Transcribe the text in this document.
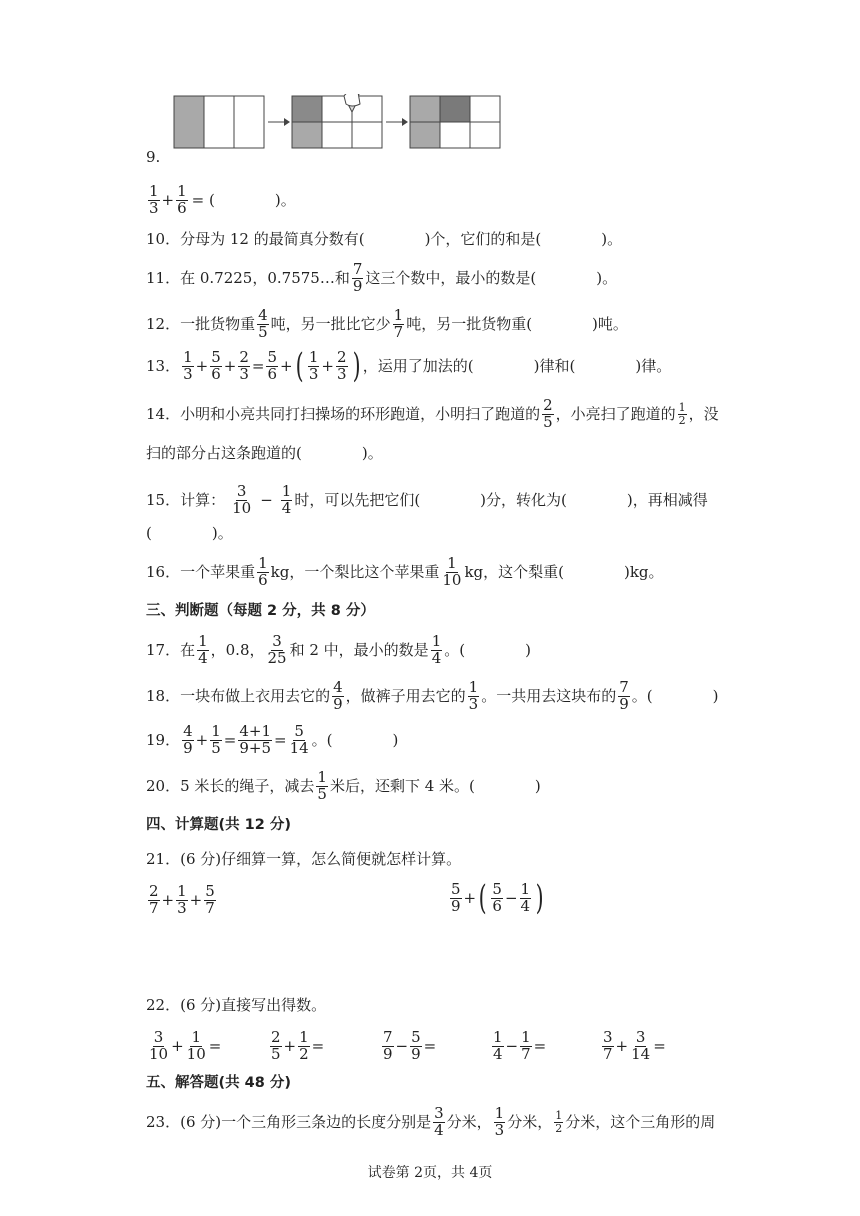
9.
1
$3 + \frac{1}{6}$ = (　　　　)。
10．分母为 12 的最简真分数有(　　　　)个，它们的和是(　　　　)。
11．在 0.7225，0.7575…和 7
9 这三个数中，最小的数是(　　　　)。
12．一批货物重 4
5 吨，另一批比它少 1
7 吨，另一批货物重(　　　　)吨。
13． 1
3 + 5
6 + 2
3 = 5
6 + ( 1
3 + 2
3 ) ，运用了加法的(　　　　)律和(　　　　)律。
14．小明和小亮共同打扫操场的环形跑道，小明扫了跑道的 2
5 ，小亮扫了跑道的 1
2 ，没
扫的部分占这条跑道的(　　　　)。
15．计算： 3
$10 - \frac{1}{4}$ 时，可以先把它们(　　　　)分，转化为(　　　　)，再相减得
(　　　　)。
16．一个苹果重 1
6 kg，一个梨比这个苹果重 1
10 kg，这个梨重(　　　　)kg。
三、判断题（每题 2 分，共 8 分）
17．在 1
4 ，0.8， 3
25 和 2 中，最小的数是 1
4 。(　　　　)
18．一块布做上衣用去它的 4
9 ，做裤子用去它的 1
3 。一共用去这块布的 7
9 。(　　　　)
19． 4
9 + 1
5 = 4+1
9+5 = 5
14 。(　　　　)
20．5 米长的绳子，减去 1
5 米后，还剩下 4 米。(　　　　)
四、计算题(共 12 分)
21．(6 分)仔细算一算，怎么简便就怎样计算。
2
7 + 1
3 + 5
7
5
9 + ( 5
6 − 1
4 )
22．(6 分)直接写出得数。
3
$10 + \frac{1}{10}$ =	2
$5 + \frac{1}{2}$ =	7
$9 - \frac{5}{9}$ =	1
$4 - \frac{1}{7}$ =	3
$7 + \frac{3}{14}$ =
五、解答题(共 48 分)
23．(6 分)一个三角形三条边的长度分别是 3
4 分米， 1
3 分米， 1
2 分米，这个三角形的周
试卷第 2页，共 4页
